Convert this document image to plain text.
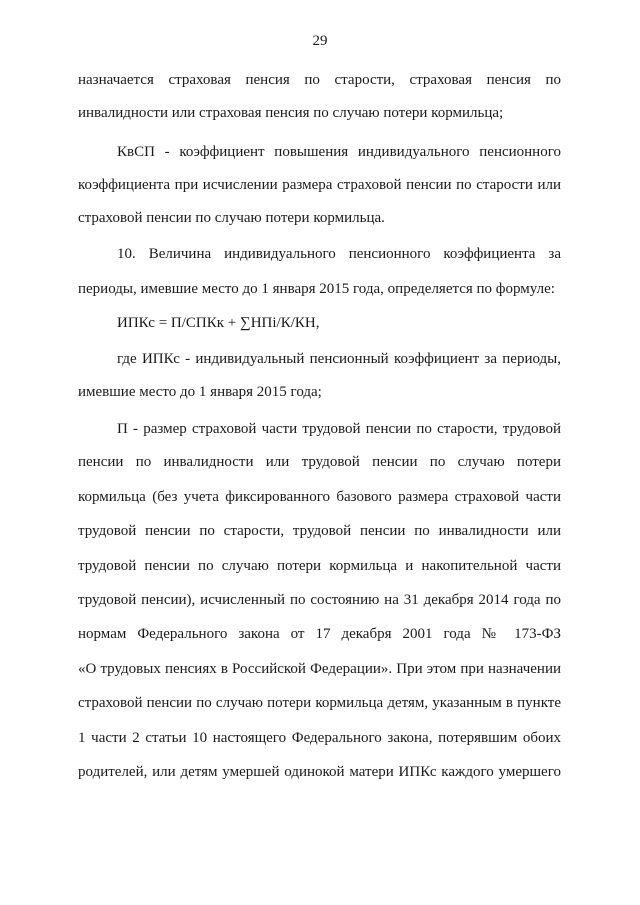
29
назначается страховая пенсия по старости, страховая пенсия по
инвалидности или страховая пенсия по случаю потери кормильца;
КвСП - коэффициент повышения индивидуального пенсионного
коэффициента при исчислении размера страховой пенсии по старости или
страховой пенсии по случаю потери кормильца.
10. Величина индивидуального пенсионного коэффициента за
периоды, имевшие место до 1 января 2015 года, определяется по формуле:
ИПКс = П/СПКк + ∑НПi/К/КН,
где ИПКс - индивидуальный пенсионный коэффициент за периоды,
имевшие место до 1 января 2015 года;
П - размер страховой части трудовой пенсии по старости, трудовой
пенсии по инвалидности или трудовой пенсии по случаю потери
кормильца (без учета фиксированного базового размера страховой части
трудовой пенсии по старости, трудовой пенсии по инвалидности или
трудовой пенсии по случаю потери кормильца и накопительной части
трудовой пенсии), исчисленный по состоянию на 31 декабря 2014 года по
нормам Федерального закона от 17 декабря 2001 года № 173-ФЗ
«О трудовых пенсиях в Российской Федерации». При этом при назначении
страховой пенсии по случаю потери кормильца детям, указанным в пункте
1 части 2 статьи 10 настоящего Федерального закона, потерявшим обоих
родителей, или детям умершей одинокой матери ИПКс каждого умершего
